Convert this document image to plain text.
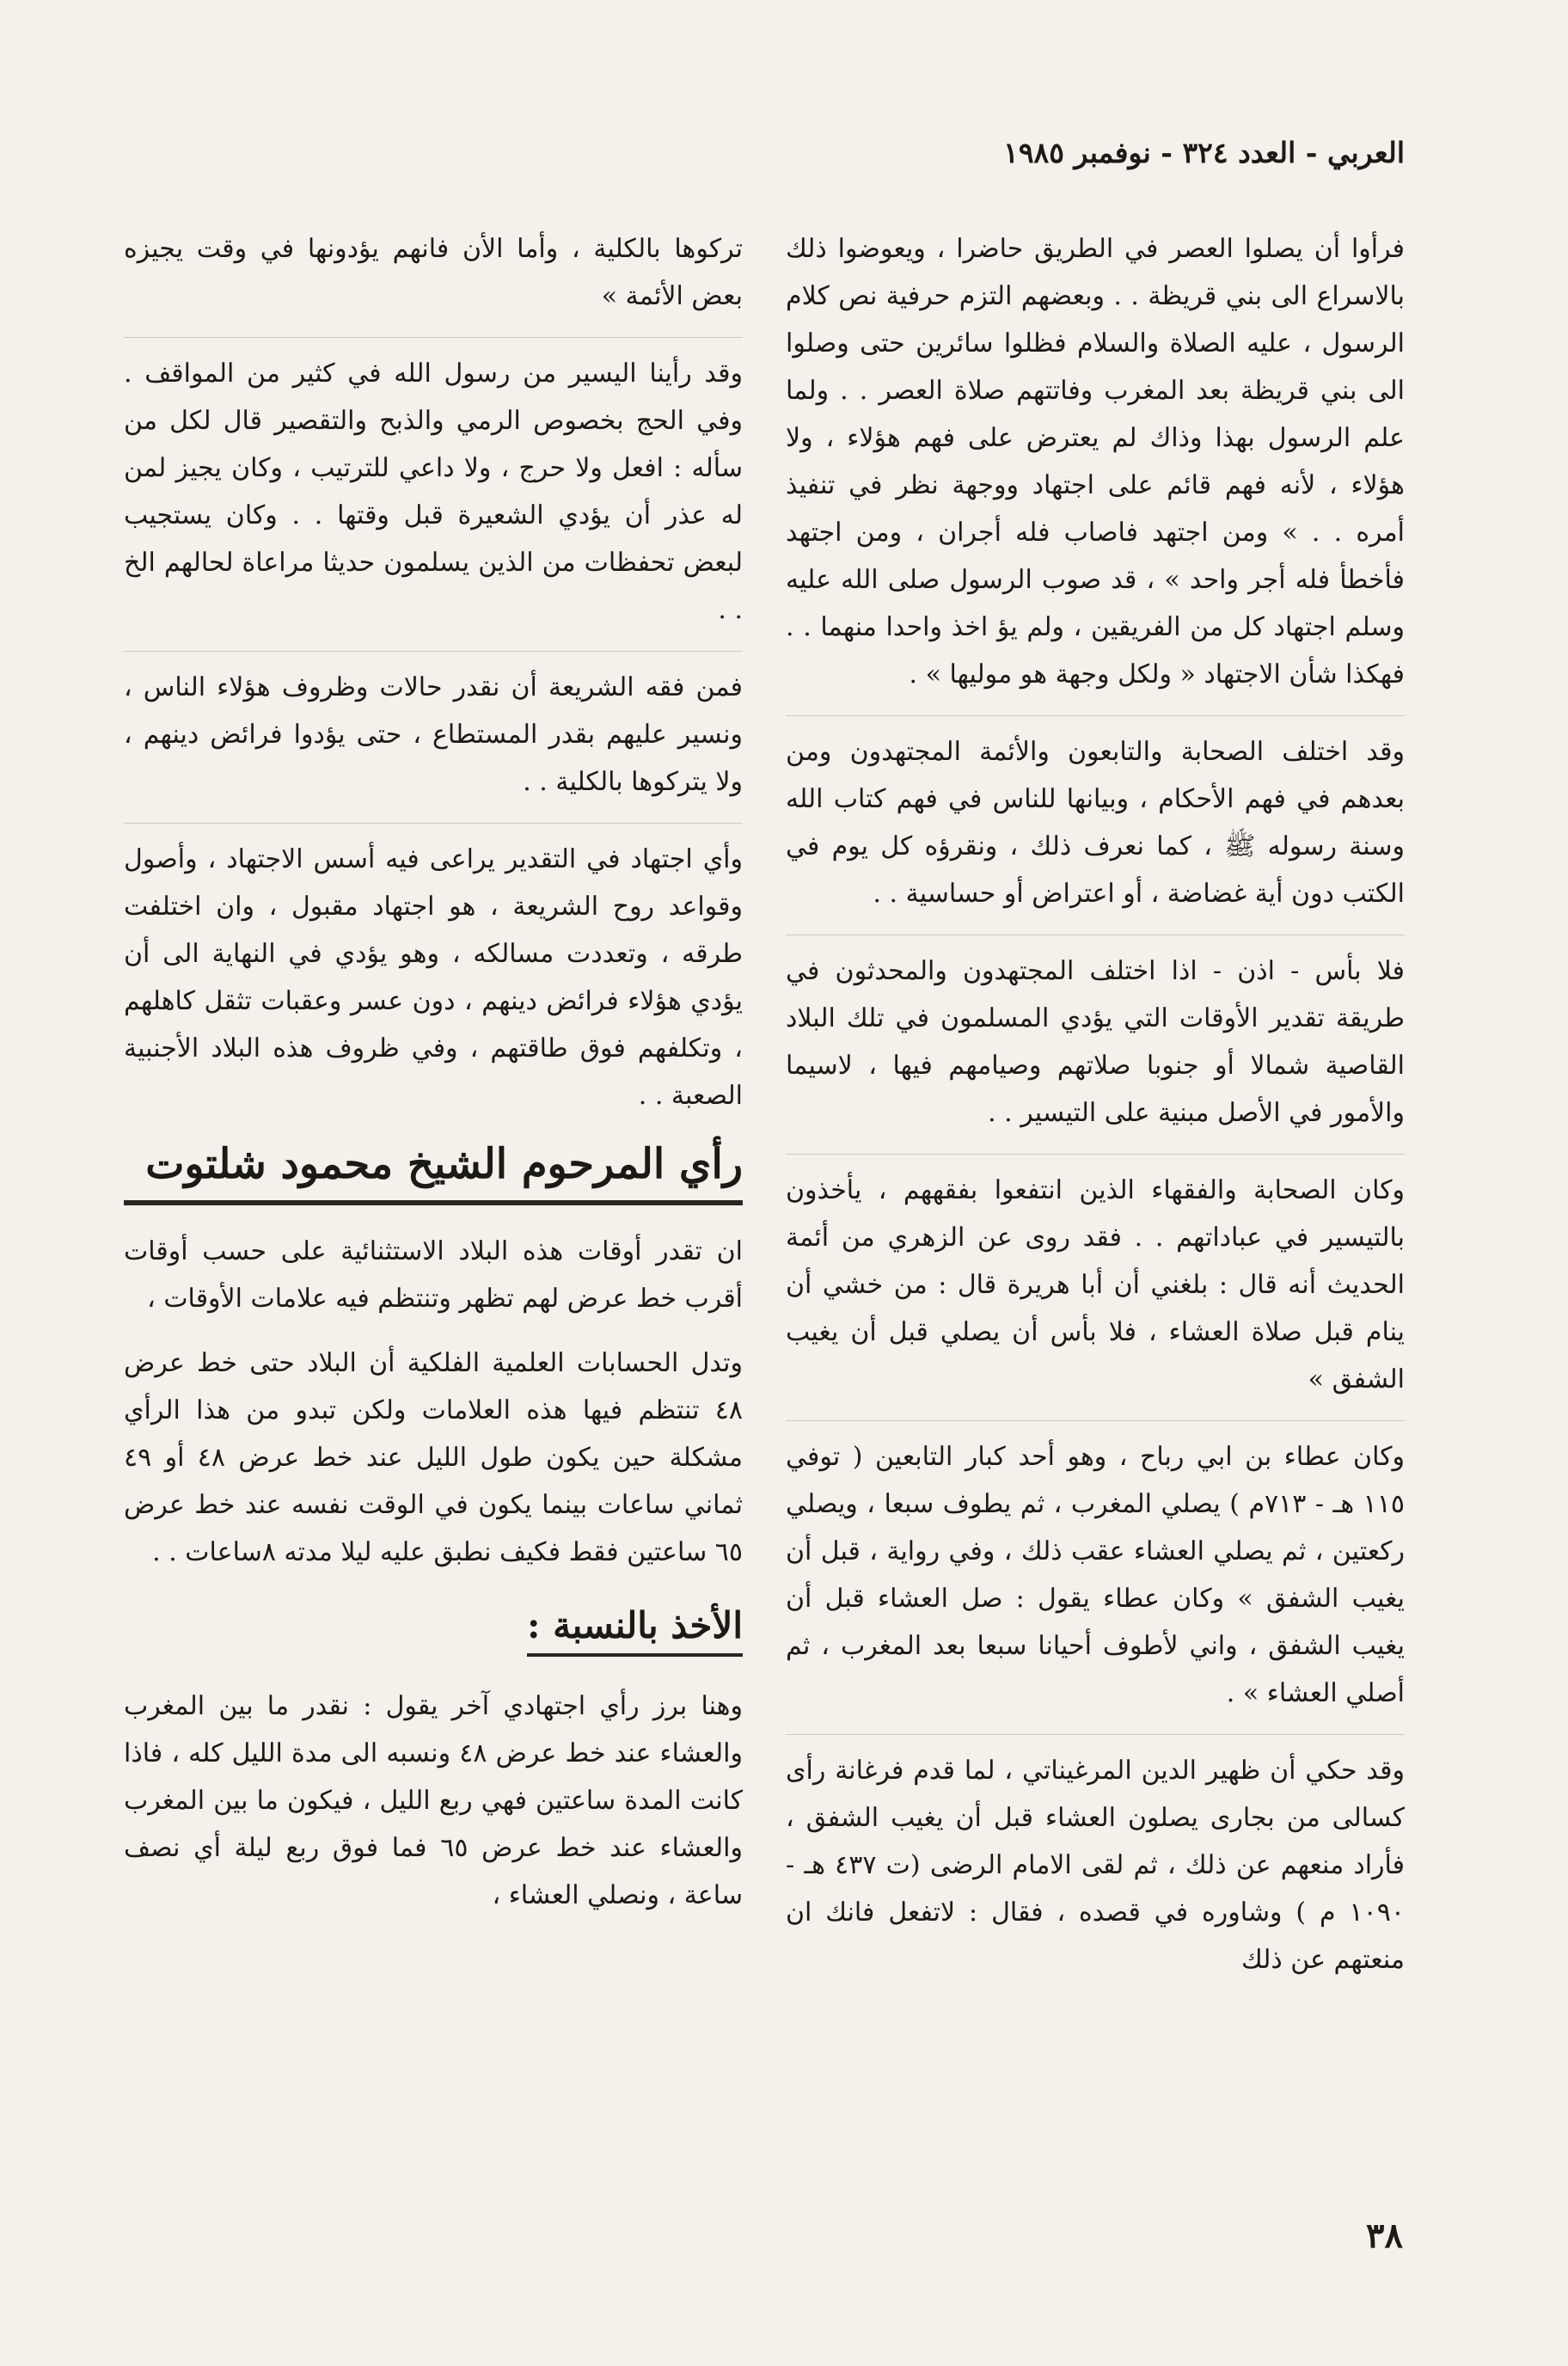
العربي - العدد ٣٢٤ - نوفمبر ١٩٨٥

فرأوا أن يصلوا العصر في الطريق حاضرا ، ويعوضوا ذلك بالاسراع الى بني قريظة . . وبعضهم التزم حرفية نص كلام الرسول ، عليه الصلاة والسلام فظلوا سائرين حتى وصلوا الى بني قريظة بعد المغرب وفاتتهم صلاة العصر . . ولما علم الرسول بهذا وذاك لم يعترض على فهم هؤلاء ، ولا هؤلاء ، لأنه فهم قائم على اجتهاد ووجهة نظر في تنفيذ أمره . . » ومن اجتهد فاصاب فله أجران ، ومن اجتهد فأخطأ فله أجر واحد » ، قد صوب الرسول صلى الله عليه وسلم اجتهاد كل من الفريقين ، ولم يؤ اخذ واحدا منهما . . فهكذا شأن الاجتهاد « ولكل وجهة هو موليها » .

وقد اختلف الصحابة والتابعون والأئمة المجتهدون ومن بعدهم في فهم الأحكام ، وبيانها للناس في فهم كتاب الله وسنة رسوله ﷺ ، كما نعرف ذلك ، ونقرؤه كل يوم في الكتب دون أية غضاضة ، أو اعتراض أو حساسية . .

فلا بأس - اذن - اذا اختلف المجتهدون والمحدثون في طريقة تقدير الأوقات التي يؤدي المسلمون في تلك البلاد القاصية شمالا أو جنوبا صلاتهم وصيامهم فيها ، لاسيما والأمور في الأصل مبنية على التيسير . .

وكان الصحابة والفقهاء الذين انتفعوا بفقههم ، يأخذون بالتيسير في عباداتهم . . فقد روى عن الزهري من أئمة الحديث أنه قال : بلغني أن أبا هريرة قال : من خشي أن ينام قبل صلاة العشاء ، فلا بأس أن يصلي قبل أن يغيب الشفق »

وكان عطاء بن ابي رباح ، وهو أحد كبار التابعين ( توفي ١١٥ هـ - ٧١٣م ) يصلي المغرب ، ثم يطوف سبعا ، ويصلي ركعتين ، ثم يصلي العشاء عقب ذلك ، وفي رواية ، قبل أن يغيب الشفق » وكان عطاء يقول : صل العشاء قبل أن يغيب الشفق ، واني لأطوف أحيانا سبعا بعد المغرب ، ثم أصلي العشاء » .

وقد حكي أن ظهير الدين المرغيناتي ، لما قدم فرغانة رأى كسالى من بجارى يصلون العشاء قبل أن يغيب الشفق ، فأراد منعهم عن ذلك ، ثم لقى الامام الرضى (ت ٤٣٧ هـ - ١٠٩٠ م ) وشاوره في قصده ، فقال : لاتفعل فانك ان منعتهم عن ذلك

تركوها بالكلية ، وأما الأن فانهم يؤدونها في وقت يجيزه بعض الأئمة »

وقد رأينا اليسير من رسول الله في كثير من المواقف . وفي الحج بخصوص الرمي والذبح والتقصير قال لكل من سأله : افعل ولا حرج ، ولا داعي للترتيب ، وكان يجيز لمن له عذر أن يؤدي الشعيرة قبل وقتها . . وكان يستجيب لبعض تحفظات من الذين يسلمون حديثا مراعاة لحالهم الخ . .

فمن فقه الشريعة أن نقدر حالات وظروف هؤلاء الناس ، ونسير عليهم بقدر المستطاع ، حتى يؤدوا فرائض دينهم ، ولا يتركوها بالكلية . .

وأي اجتهاد في التقدير يراعى فيه أسس الاجتهاد ، وأصول وقواعد روح الشريعة ، هو اجتهاد مقبول ، وان اختلفت طرقه ، وتعددت مسالكه ، وهو يؤدي في النهاية الى أن يؤدي هؤلاء فرائض دينهم ، دون عسر وعقبات تثقل كاهلهم ، وتكلفهم فوق طاقتهم ، وفي ظروف هذه البلاد الأجنبية الصعبة . .

رأي المرحوم الشيخ محمود شلتوت

ان تقدر أوقات هذه البلاد الاستثنائية على حسب أوقات أقرب خط عرض لهم تظهر وتنتظم فيه علامات الأوقات ،

وتدل الحسابات العلمية الفلكية أن البلاد حتى خط عرض ٤٨ تنتظم فيها هذه العلامات ولكن تبدو من هذا الرأي مشكلة حين يكون طول الليل عند خط عرض ٤٨ أو ٤٩ ثماني ساعات بينما يكون في الوقت نفسه عند خط عرض ٦٥ ساعتين فقط فكيف نطبق عليه ليلا مدته ٨ساعات . .

الأخذ بالنسبة :

وهنا برز رأي اجتهادي آخر يقول : نقدر ما بين المغرب والعشاء عند خط عرض ٤٨ ونسبه الى مدة الليل كله ، فاذا كانت المدة ساعتين فهي ربع الليل ، فيكون ما بين المغرب والعشاء عند خط عرض ٦٥ فما فوق ربع ليلة أي نصف ساعة ، ونصلي العشاء ،

٣٨
